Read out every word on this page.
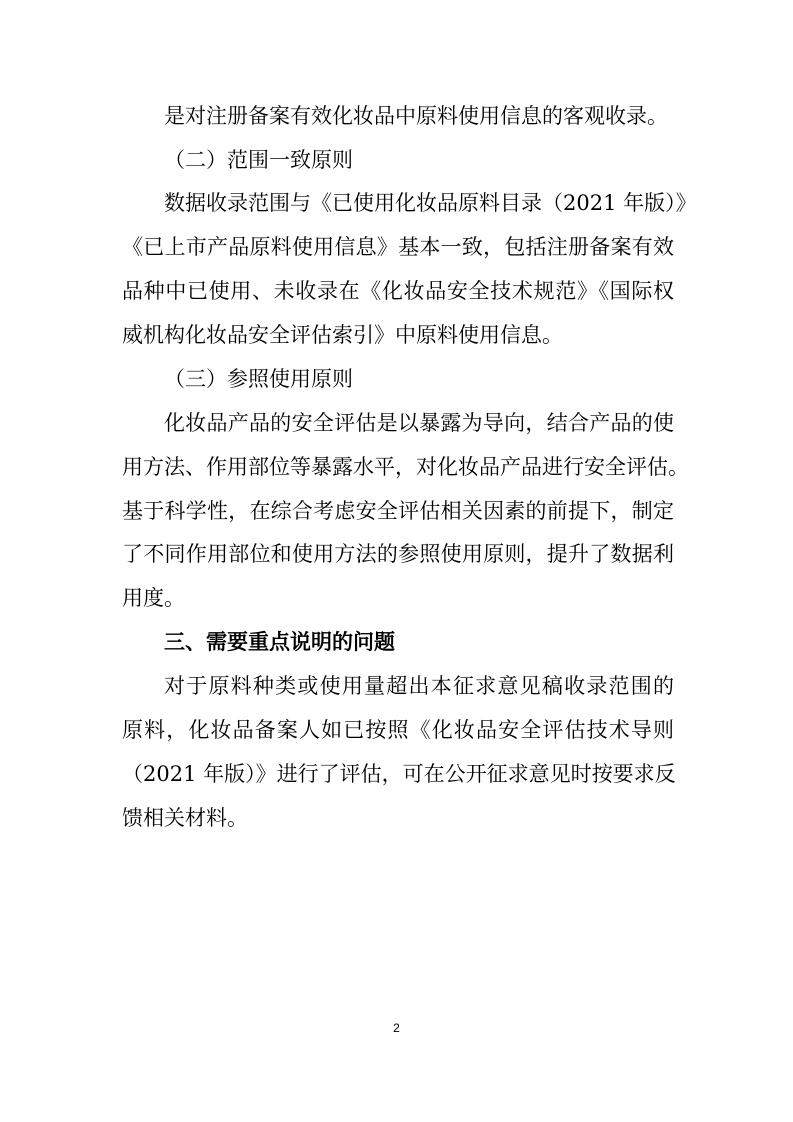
是对注册备案有效化妆品中原料使用信息的客观收录。
（二）范围一致原则
数据收录范围与《已使用化妆品原料目录（2021 年版）》
《已上市产品原料使用信息》基本一致，包括注册备案有效
品种中已使用、未收录在《化妆品安全技术规范》《国际权
威机构化妆品安全评估索引》中原料使用信息。
（三）参照使用原则
化妆品产品的安全评估是以暴露为导向，结合产品的使
用方法、作用部位等暴露水平，对化妆品产品进行安全评估。
基于科学性，在综合考虑安全评估相关因素的前提下，制定
了不同作用部位和使用方法的参照使用原则，提升了数据利
用度。
三、需要重点说明的问题
对于原料种类或使用量超出本征求意见稿收录范围的
原料，化妆品备案人如已按照《化妆品安全评估技术导则
（2021 年版）》进行了评估，可在公开征求意见时按要求反
馈相关材料。
2
